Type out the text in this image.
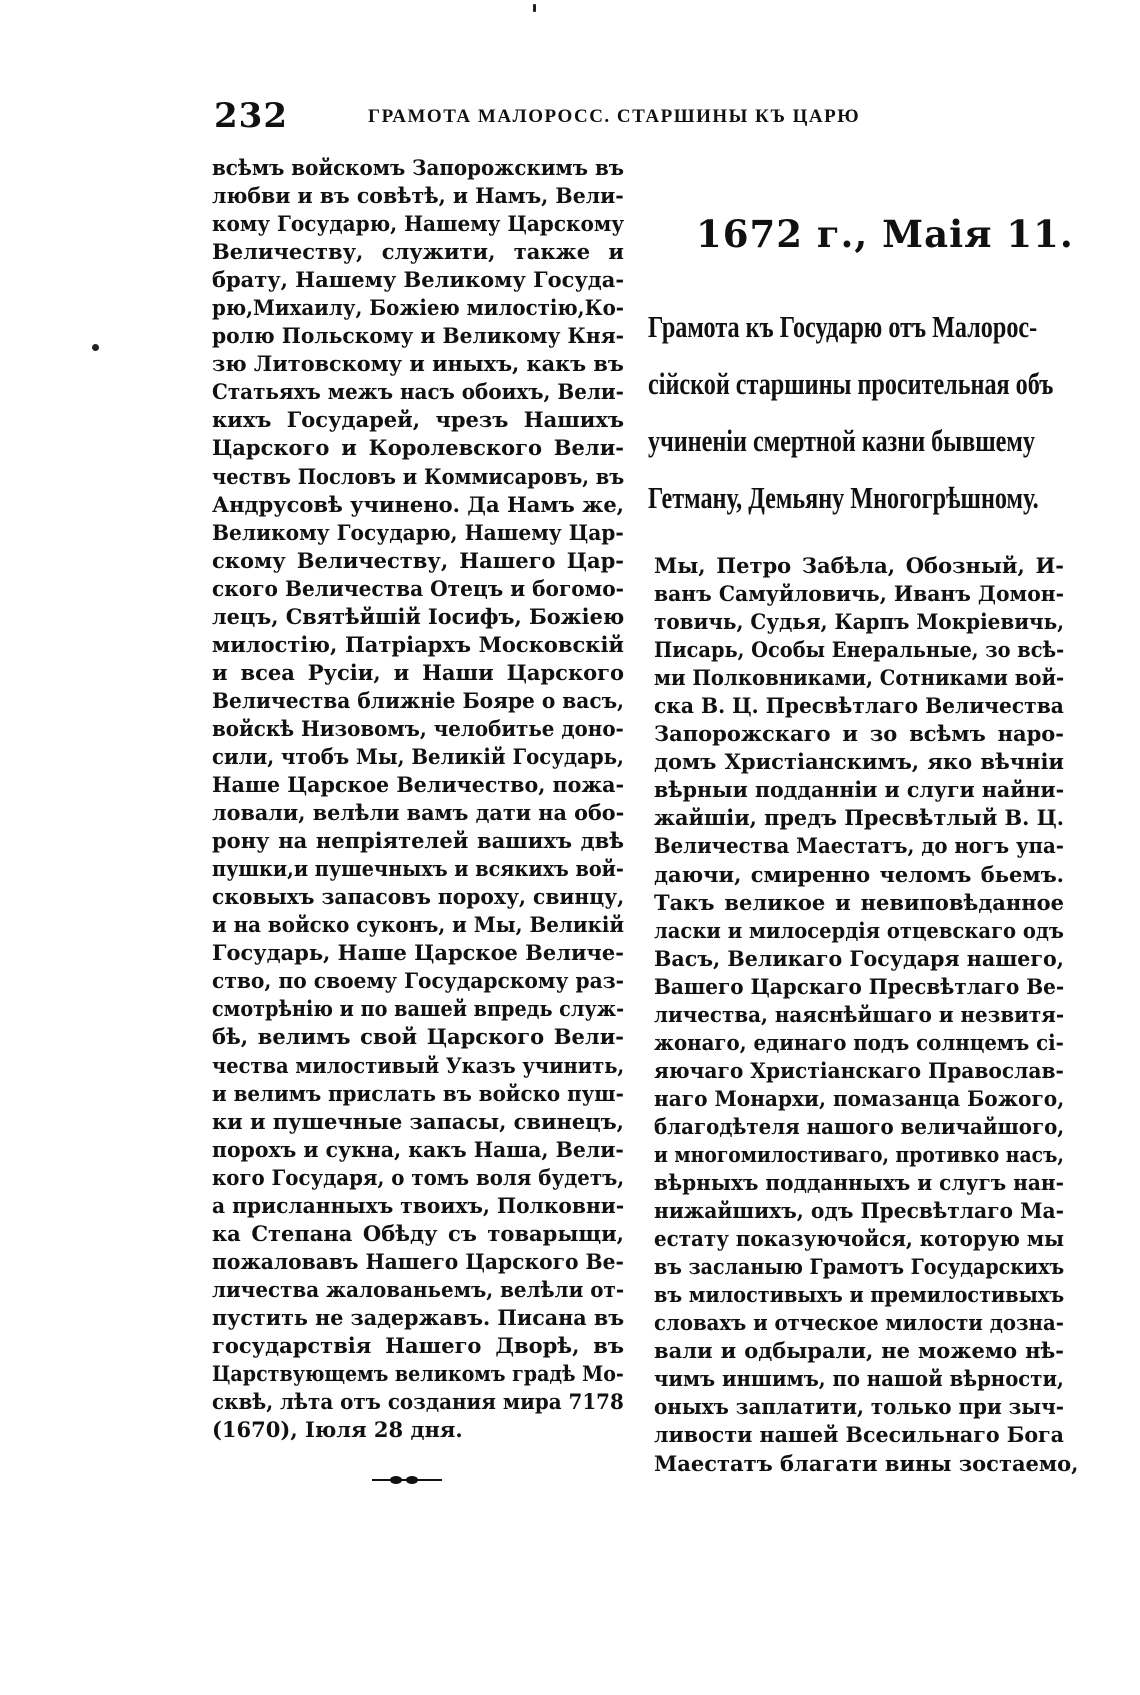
232	ГРАМОТА МАЛОРОСС. СТАРШИНЫ КЪ ЦАРЮ
всѣмъ войскомъ Запорожскимъ въ
любви и въ совѣтѣ, и Намъ, Вели-
кому Государю, Нашему Царскому
Величеству, служити, также и
брату, Нашему Великому Госуда-
рю,Михаилу, Божiею милостiю,Ко-
ролю Польскому и Великому Кня-
зю Литовскому и иныхъ, какъ въ
Статьяхъ межъ насъ обоихъ, Вели-
кихъ Государей, чрезъ Нашихъ
Царского и Королевского Вели-
чествъ Пословъ и Коммисаровъ, въ
Андрусовѣ учинено. Да Намъ же,
Великому Государю, Нашему Цар-
скому Величеству, Нашего Цар-
ского Величества Отецъ и богомо-
лецъ, Святѣйшiй Iосифъ, Божiею
милостiю, Патрiархъ Московскiй
и всеа Русiи, и Наши Царского
Величества ближнiе Бояре о васъ,
войскѣ Низовомъ, челобитье доно-
сили, чтобъ Мы, Великiй Государь,
Наше Царское Величество, пожа-
ловали, велѣли вамъ дати на обо-
рону на непрiятелей вашихъ двѣ
пушки,и пушечныхъ и всякихъ вой-
сковыхъ запасовъ пороху, свинцу,
и на войско суконъ, и Мы, Великiй
Государь, Наше Царское Величе-
ство, по своему Государскому раз-
смотрѣнiю и по вашей впредь служ-
бѣ, велимъ свой Царского Вели-
чества милостивый Указъ учинить,
и велимъ прислать въ войско пуш-
ки и пушечные запасы, свинецъ,
порохъ и сукна, какъ Наша, Вели-
кого Государя, о томъ воля будетъ,
а присланныхъ твоихъ, Полковни-
ка Степана Обѣду съ товарыщи,
пожаловавъ Нашего Царского Ве-
личества жалованьемъ, велѣли от-
пустить не задержавъ. Писана въ
государствiя Нашего Дворѣ, въ
Царствующемъ великомъ градѣ Мо-
сквѣ, лѣта отъ создания мира 7178
(1670), Iюля 28 дня.
1672 г., Маiя 11.
Грамота къ Государю отъ Малорос-
сiйской старшины просительная объ
учиненiи смертной казни бывшему
Гетману, Демьяну Многогрѣшному.
Мы, Петро Забѣла, Обозный, И-
ванъ Самуйловичь, Иванъ Домон-
товичь, Судья, Карпъ Мокрiевичь,
Писарь, Особы Енеральные, зо всѣ-
ми Полковниками, Сотниками вой-
ска В. Ц. Пресвѣтлаго Величества
Запорожскаго и зо всѣмъ наро-
домъ Христiанскимъ, яко вѣчнiи
вѣрныи подданнiи и слуги найни-
жайшiи, предъ Пресвѣтлый В. Ц.
Величества Маестатъ, до ногъ упа-
даючи, смиренно челомъ бьемъ.
Такъ великое и невиповѣданное
ласки и милосердiя отцевскаго одъ
Васъ, Великаго Государя нашего,
Вашего Царскаго Пресвѣтлаго Ве-
личества, наяснѣйшаго и незвитя-
жонаго, единаго подъ солнцемъ сi-
яючаго Христiанскаго Православ-
наго Монархи, помазанца Божого,
благодѣтеля нашого величайшого,
и многомилостиваго, противко насъ,
вѣрныхъ подданныхъ и слугъ нан-
нижайшихъ, одъ Пресвѣтлаго Ма-
естату показуючойся, которую мы
въ засланыю Грамотъ Государскихъ
въ милостивыхъ и премилостивыхъ
словахъ и отческое милости дозна-
вали и одбырали, не можемо нѣ-
чимъ иншимъ, по нашой вѣрности,
оныхъ заплатити, только при зыч-
ливости нашей Всесильнаго Бога
Маестатъ благати вины зостаемо,
